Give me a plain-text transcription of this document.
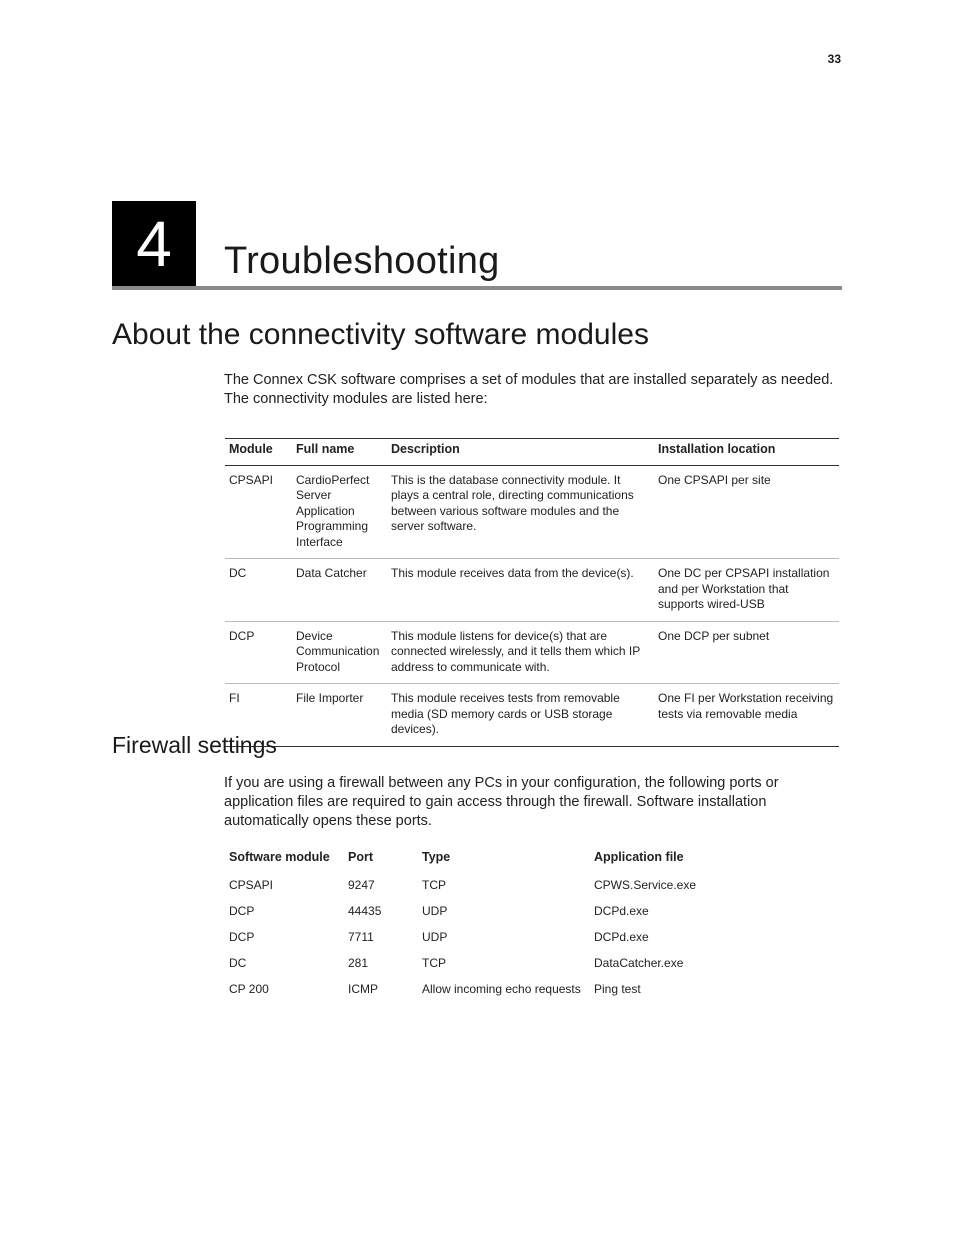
33
4	Troubleshooting
About the connectivity software modules
The Connex CSK software comprises a set of modules that are installed separately as needed. The connectivity modules are listed here:
Module	Full name	Description	Installation location
CPSAPI	CardioPerfect Server Application Programming Interface	This is the database connectivity module. It plays a central role, directing communications between various software modules and the server software.	One CPSAPI per site
DC	Data Catcher	This module receives data from the device(s).	One DC per CPSAPI installation and per Workstation that supports wired-USB
DCP	Device Communication Protocol	This module listens for device(s) that are connected wirelessly, and it tells them which IP address to communicate with.	One DCP per subnet
FI	File Importer	This module receives tests from removable media (SD memory cards or USB storage devices).	One FI per Workstation receiving tests via removable media
Firewall settings
If you are using a firewall between any PCs in your configuration, the following ports or application files are required to gain access through the firewall. Software installation automatically opens these ports.
Software module	Port	Type	Application file
CPSAPI	9247	TCP	CPWS.Service.exe
DCP	44435	UDP	DCPd.exe
DCP	7711	UDP	DCPd.exe
DC	281	TCP	DataCatcher.exe
CP 200	ICMP	Allow incoming echo requests	Ping test
